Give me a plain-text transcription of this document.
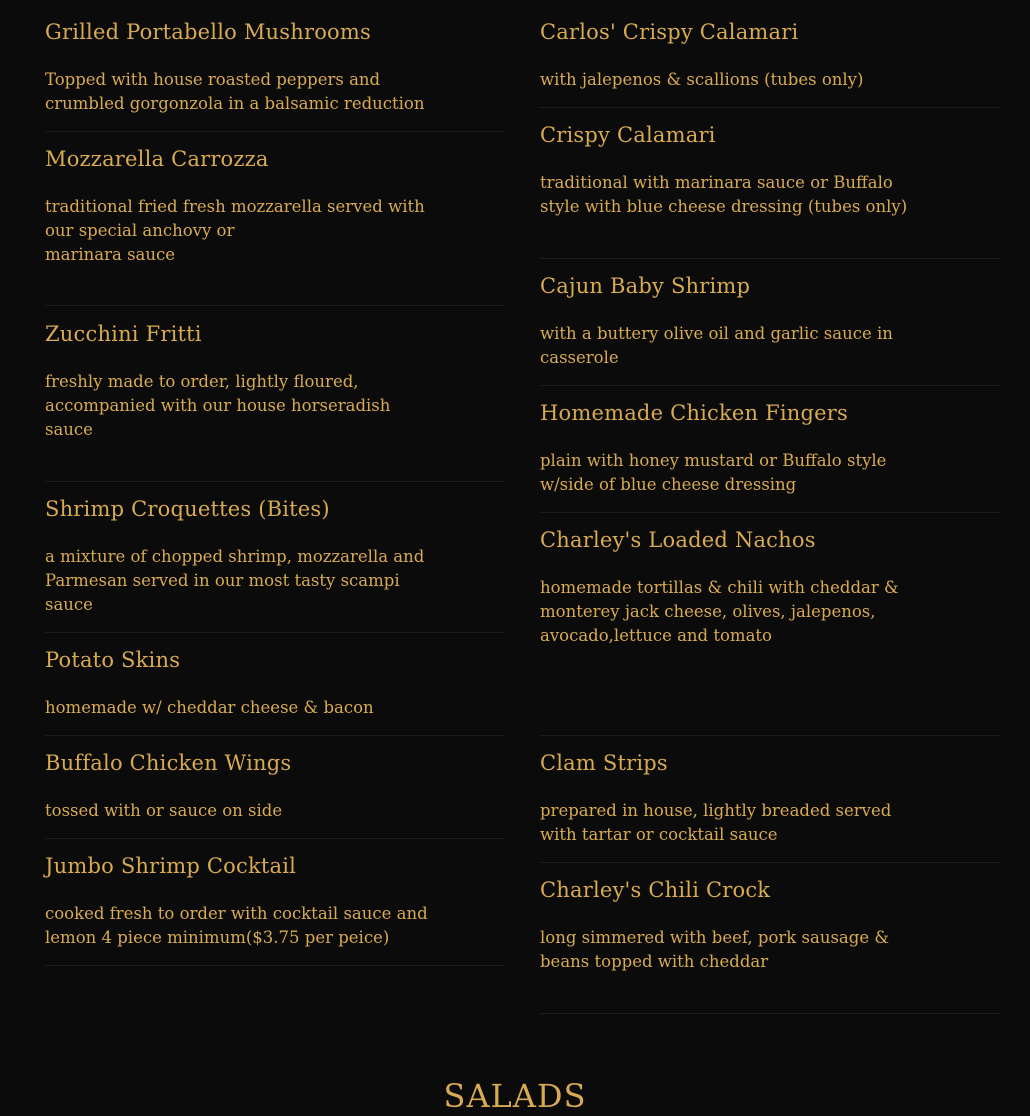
Grilled Portabello Mushrooms

Topped with house roasted peppers and
crumbled gorgonzola in a balsamic reduction

Mozzarella Carrozza

traditional fried fresh mozzarella served with
our special anchovy or
marinara sauce

Zucchini Fritti

freshly made to order, lightly floured,
accompanied with our house horseradish
sauce

Shrimp Croquettes (Bites)

a mixture of chopped shrimp, mozzarella and
Parmesan served in our most tasty scampi
sauce

Potato Skins

homemade w/ cheddar cheese & bacon

Buffalo Chicken Wings

tossed with or sauce on side

Jumbo Shrimp Cocktail

cooked fresh to order with cocktail sauce and
lemon 4 piece minimum($3.75 per peice)

Carlos' Crispy Calamari

with jalepenos & scallions (tubes only)

Crispy Calamari

traditional with marinara sauce or Buffalo
style with blue cheese dressing (tubes only)

Cajun Baby Shrimp

with a buttery olive oil and garlic sauce in
casserole

Homemade Chicken Fingers

plain with honey mustard or Buffalo style
w/side of blue cheese dressing

Charley's Loaded Nachos

homemade tortillas & chili with cheddar &
monterey jack cheese, olives, jalepenos,
avocado,lettuce and tomato

Clam Strips

prepared in house, lightly breaded served
with tartar or cocktail sauce

Charley's Chili Crock

long simmered with beef, pork sausage &
beans topped with cheddar

SALADS
